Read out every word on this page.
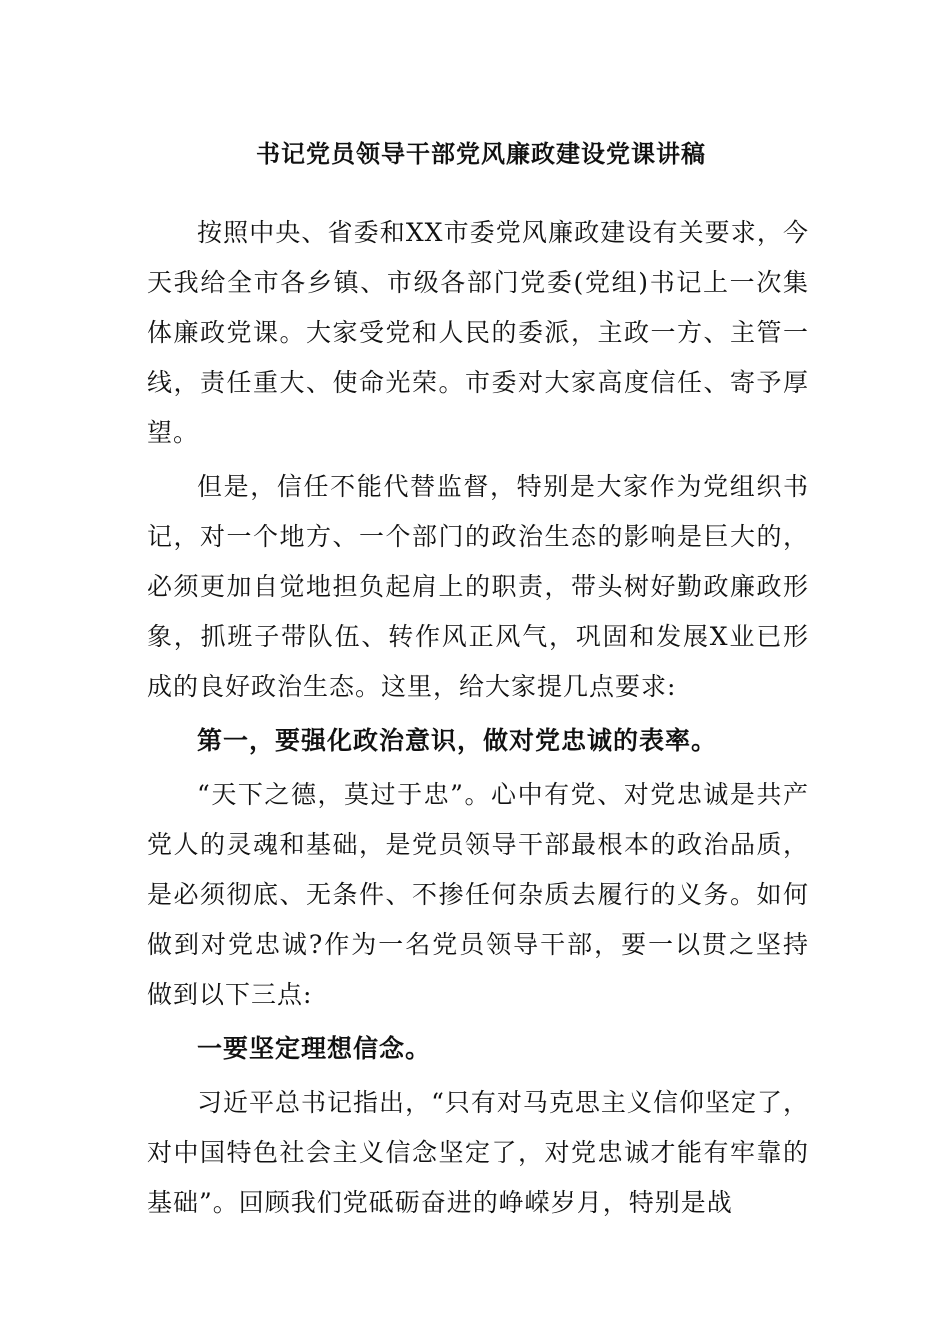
书记党员领导干部党风廉政建设党课讲稿

按照中央、省委和XX市委党风廉政建设有关要求，今天我给全市各乡镇、市级各部门党委(党组)书记上一次集体廉政党课。大家受党和人民的委派，主政一方、主管一线，责任重大、使命光荣。市委对大家高度信任、寄予厚望。

但是，信任不能代替监督，特别是大家作为党组织书记，对一个地方、一个部门的政治生态的影响是巨大的，必须更加自觉地担负起肩上的职责，带头树好勤政廉政形象，抓班子带队伍、转作风正风气，巩固和发展X业已形成的良好政治生态。这里，给大家提几点要求:

第一，要强化政治意识，做对党忠诚的表率。

“天下之德，莫过于忠”。心中有党、对党忠诚是共产党人的灵魂和基础，是党员领导干部最根本的政治品质，是必须彻底、无条件、不掺任何杂质去履行的义务。如何做到对党忠诚?作为一名党员领导干部，要一以贯之坚持做到以下三点:

一要坚定理想信念。

习近平总书记指出，“只有对马克思主义信仰坚定了，对中国特色社会主义信念坚定了，对党忠诚才能有牢靠的基础”。回顾我们党砥砺奋进的峥嵘岁月，特别是战
